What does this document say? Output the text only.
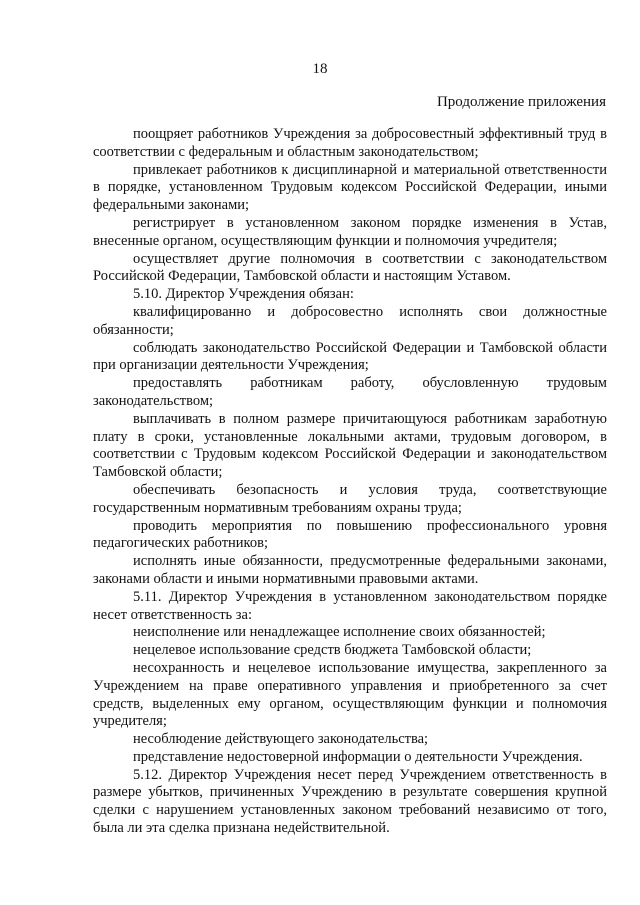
18
Продолжение приложения

поощряет работников Учреждения за добросовестный эффективный труд в соответствии с федеральным и областным законодательством;

привлекает работников к дисциплинарной и материальной ответственности в порядке, установленном Трудовым кодексом Российской Федерации, иными федеральными законами;

регистрирует в установленном законом порядке изменения в Устав, внесенные органом, осуществляющим функции и полномочия учредителя;

осуществляет другие полномочия в соответствии с законодательством Российской Федерации, Тамбовской области и настоящим Уставом.

5.10. Директор Учреждения обязан:

квалифицированно и добросовестно исполнять свои должностные обязанности;

соблюдать законодательство Российской Федерации и Тамбовской области при организации деятельности Учреждения;

предоставлять работникам работу, обусловленную трудовым законодательством;

выплачивать в полном размере причитающуюся работникам заработную плату в сроки, установленные локальными актами, трудовым договором, в соответствии с Трудовым кодексом Российской Федерации и законодательством Тамбовской области;

обеспечивать безопасность и условия труда, соответствующие государственным нормативным требованиям охраны труда;

проводить мероприятия по повышению профессионального уровня педагогических работников;

исполнять иные обязанности, предусмотренные федеральными законами, законами области и иными нормативными правовыми актами.

5.11. Директор Учреждения в установленном законодательством порядке несет ответственность за:

неисполнение или ненадлежащее исполнение своих обязанностей;

нецелевое использование средств бюджета Тамбовской области;

несохранность и нецелевое использование имущества, закрепленного за Учреждением на праве оперативного управления и приобретенного за счет средств, выделенных ему органом, осуществляющим функции и полномочия учредителя;

несоблюдение действующего законодательства;

представление недостоверной информации о деятельности Учреждения.

5.12. Директор Учреждения несет перед Учреждением ответственность в размере убытков, причиненных Учреждению в результате совершения крупной сделки с нарушением установленных законом требований независимо от того, была ли эта сделка признана недействительной.
